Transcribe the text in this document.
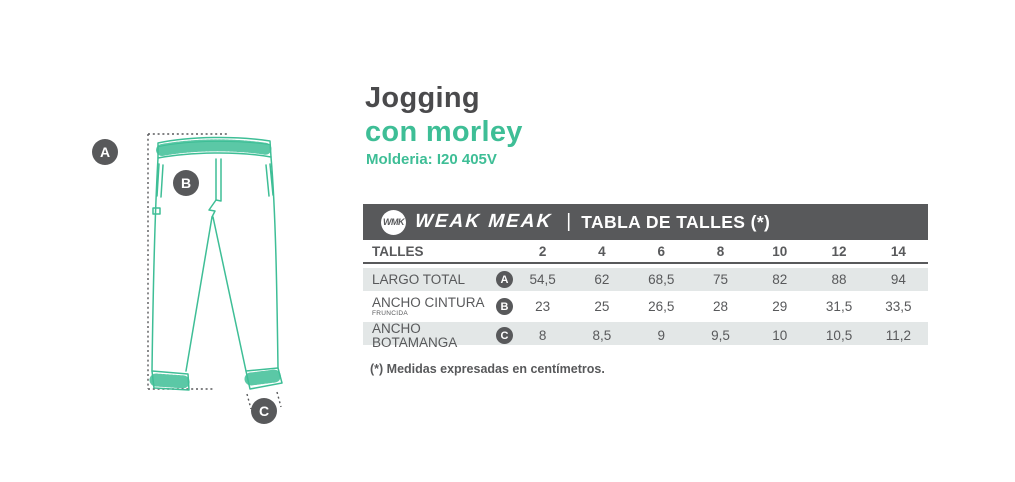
A
B
C
Jogging
con morley
Molderia: I20 405V
WMK WEAK MEAK | TABLA DE TALLES (*)
TALLES	2	4	6	8	10	12	14
LARGO TOTAL	A	54,5	62	68,5	75	82	88	94
ANCHO CINTURA
FRUNCIDA
B	23	25	26,5	28	29	31,5	33,5
ANCHO BOTAMANGA	C	8	8,5	9	9,5	10	10,5	11,2
(*) Medidas expresadas en centímetros.
